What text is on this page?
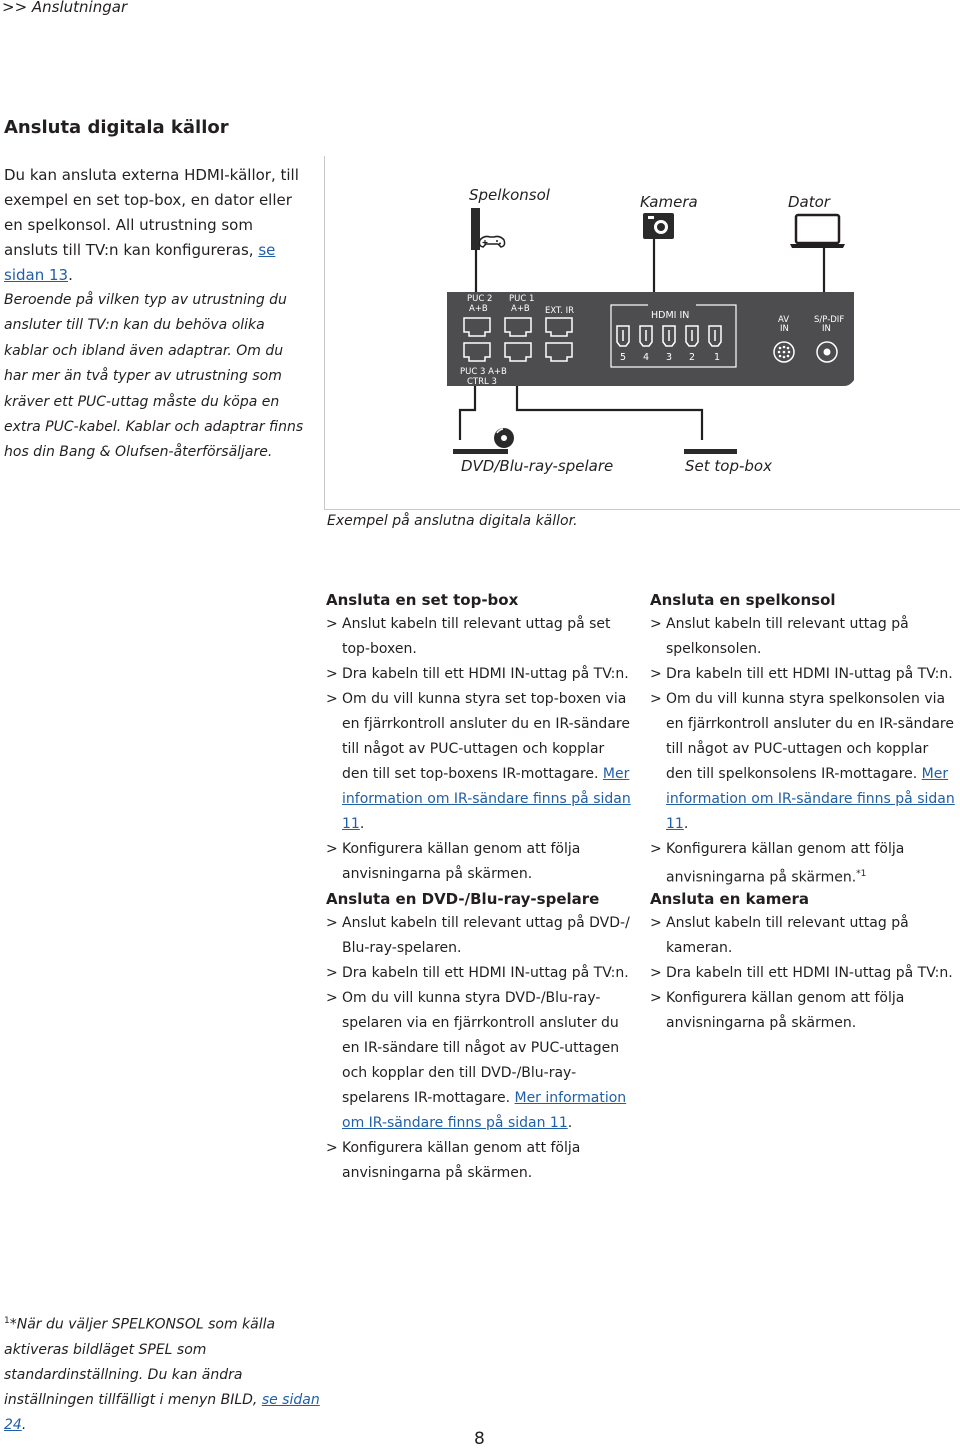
>> Anslutningar
Ansluta digitala källor
Du kan ansluta externa HDMI-källor, till exempel en set top-box, en dator eller en spelkonsol. All utrustning som ansluts till TV:n kan konfigureras, se sidan 13.
Beroende på vilken typ av utrustning du ansluter till TV:n kan du behöva olika kablar och ibland även adaptrar. Om du har mer än två typer av utrustning som kräver ett PUC-uttag måste du köpa en extra PUC-kabel. Kablar och adaptrar finns hos din Bang & Olufsen-återförsäljare.
Spelkonsol	Kamera	Dator
PUC 2
A+B
PUC 1
A+B EXT. IR
PUC 3 A+B
CTRL 3
HDMI IN
5 4 3 2 1
AV
IN
S/P-DIF
IN
DVD/Blu-ray-spelare	Set top-box
Exempel på anslutna digitala källor.
Ansluta en set top-box
> Anslut kabeln till relevant uttag på set top-boxen.
> Dra kabeln till ett HDMI IN-uttag på TV:n.
> Om du vill kunna styra set top-boxen via en fjärrkontroll ansluter du en IR-sändare till något av PUC-uttagen och kopplar den till set top-boxens IR-mottagare. Mer information om IR-sändare finns på sidan 11.
> Konfigurera källan genom att följa anvisningarna på skärmen.
Ansluta en spelkonsol
> Anslut kabeln till relevant uttag på spelkonsolen.
> Dra kabeln till ett HDMI IN-uttag på TV:n.
> Om du vill kunna styra spelkonsolen via en fjärrkontroll ansluter du en IR-sändare till något av PUC-uttagen och kopplar den till spelkonsolens IR-mottagare. Mer information om IR-sändare finns på sidan 11.
> Konfigurera källan genom att följa anvisningarna på skärmen.$^{*1}$
Ansluta en DVD-/Blu-ray-spelare
> Anslut kabeln till relevant uttag på DVD-/ Blu-ray-spelaren.
> Dra kabeln till ett HDMI IN-uttag på TV:n.
> Om du vill kunna styra DVD-/Blu-ray-spelaren via en fjärrkontroll ansluter du en IR-sändare till något av PUC-uttagen och kopplar den till DVD-/Blu-ray-spelarens IR-mottagare. Mer information om IR-sändare finns på sidan 11.
> Konfigurera källan genom att följa anvisningarna på skärmen.
Ansluta en kamera
> Anslut kabeln till relevant uttag på kameran.
> Dra kabeln till ett HDMI IN-uttag på TV:n.
> Konfigurera källan genom att följa anvisningarna på skärmen.
$^1$*När du väljer SPELKONSOL som källa aktiveras bildläget SPEL som standardinställning. Du kan ändra inställningen tillfälligt i menyn BILD, se sidan 24.
8
